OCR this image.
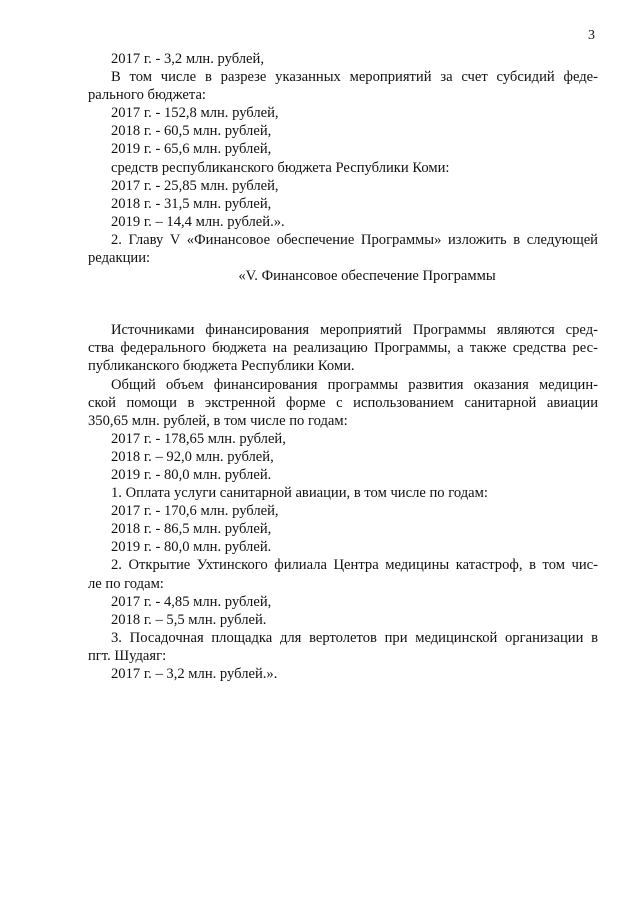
3

2017 г. - 3,2 млн. рублей,

В том числе в разрезе указанных мероприятий за счет субсидий феде-

рального бюджета:

2017 г. - 152,8 млн. рублей,

2018 г. - 60,5 млн. рублей,

2019 г. - 65,6 млн. рублей,

средств республиканского бюджета Республики Коми:

2017 г. - 25,85 млн. рублей,

2018 г. - 31,5 млн. рублей,

2019 г. – 14,4 млн. рублей.».

2. Главу V «Финансовое обеспечение Программы» изложить в следующей

редакции:

«V. Финансовое обеспечение Программы

Источниками финансирования мероприятий Программы являются сред-

ства федерального бюджета на реализацию Программы, а также средства рес-

публиканского бюджета Республики Коми.

Общий объем финансирования программы развития оказания медицин-

ской помощи в экстренной форме с использованием санитарной авиации

350,65 млн. рублей, в том числе по годам:

2017 г. - 178,65 млн. рублей,

2018 г. – 92,0 млн. рублей,

2019 г. - 80,0 млн. рублей.

1. Оплата услуги санитарной авиации, в том числе по годам:

2017 г. - 170,6 млн. рублей,

2018 г. - 86,5 млн. рублей,

2019 г. - 80,0 млн. рублей.

2. Открытие Ухтинского филиала Центра медицины катастроф, в том чис-

ле по годам:

2017 г. - 4,85 млн. рублей,

2018 г. – 5,5 млн. рублей.

3. Посадочная площадка для вертолетов при медицинской организации в

пгт. Шудаяг:

2017 г. – 3,2 млн. рублей.».
